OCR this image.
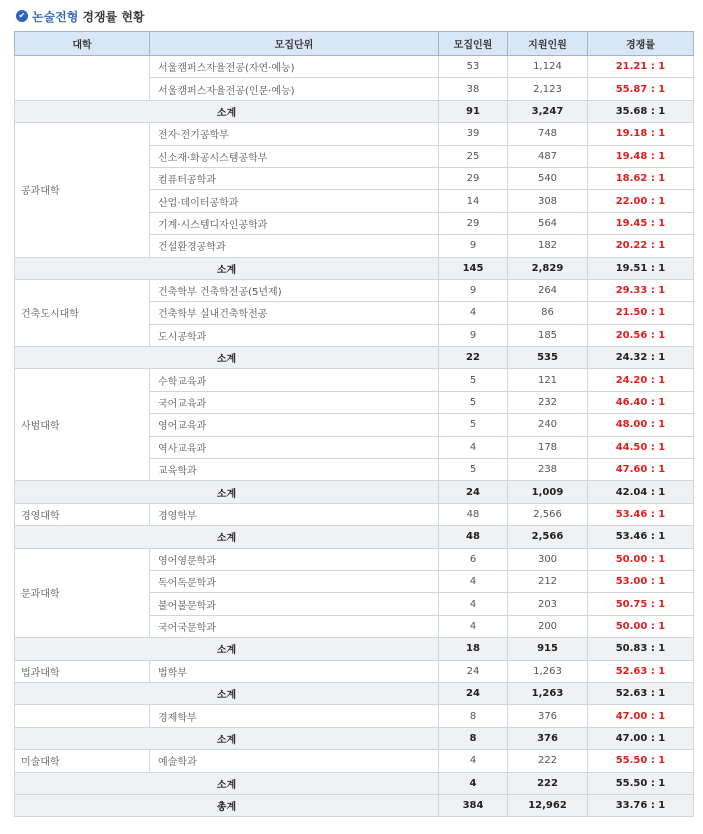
✔ 논술전형 경쟁률 현황
대학	모집단위	모집인원	지원인원	경쟁률
	서울캠퍼스자율전공(자연·예능)	53	1,124	21.21 : 1
	서울캠퍼스자율전공(인문·예능)	38	2,123	55.87 : 1
소계		91	3,247	35.68 : 1
공과대학	전자·전기공학부	39	748	19.18 : 1
	신소재·화공시스템공학부	25	487	19.48 : 1
	컴퓨터공학과	29	540	18.62 : 1
	산업·데이터공학과	14	308	22.00 : 1
	기계·시스템디자인공학과	29	564	19.45 : 1
	건설환경공학과	9	182	20.22 : 1
소계		145	2,829	19.51 : 1
건축도시대학	건축학부 건축학전공(5년제)	9	264	29.33 : 1
	건축학부 실내건축학전공	4	86	21.50 : 1
	도시공학과	9	185	20.56 : 1
소계		22	535	24.32 : 1
사범대학	수학교육과	5	121	24.20 : 1
	국어교육과	5	232	46.40 : 1
	영어교육과	5	240	48.00 : 1
	역사교육과	4	178	44.50 : 1
	교육학과	5	238	47.60 : 1
소계		24	1,009	42.04 : 1
경영대학	경영학부	48	2,566	53.46 : 1
소계		48	2,566	53.46 : 1
문과대학	영어영문학과	6	300	50.00 : 1
	독어독문학과	4	212	53.00 : 1
	불어불문학과	4	203	50.75 : 1
	국어국문학과	4	200	50.00 : 1
소계		18	915	50.83 : 1
법과대학	법학부	24	1,263	52.63 : 1
소계		24	1,263	52.63 : 1
	경제학부	8	376	47.00 : 1
소계		8	376	47.00 : 1
미술대학	예술학과	4	222	55.50 : 1
소계		4	222	55.50 : 1
총계		384	12,962	33.76 : 1
